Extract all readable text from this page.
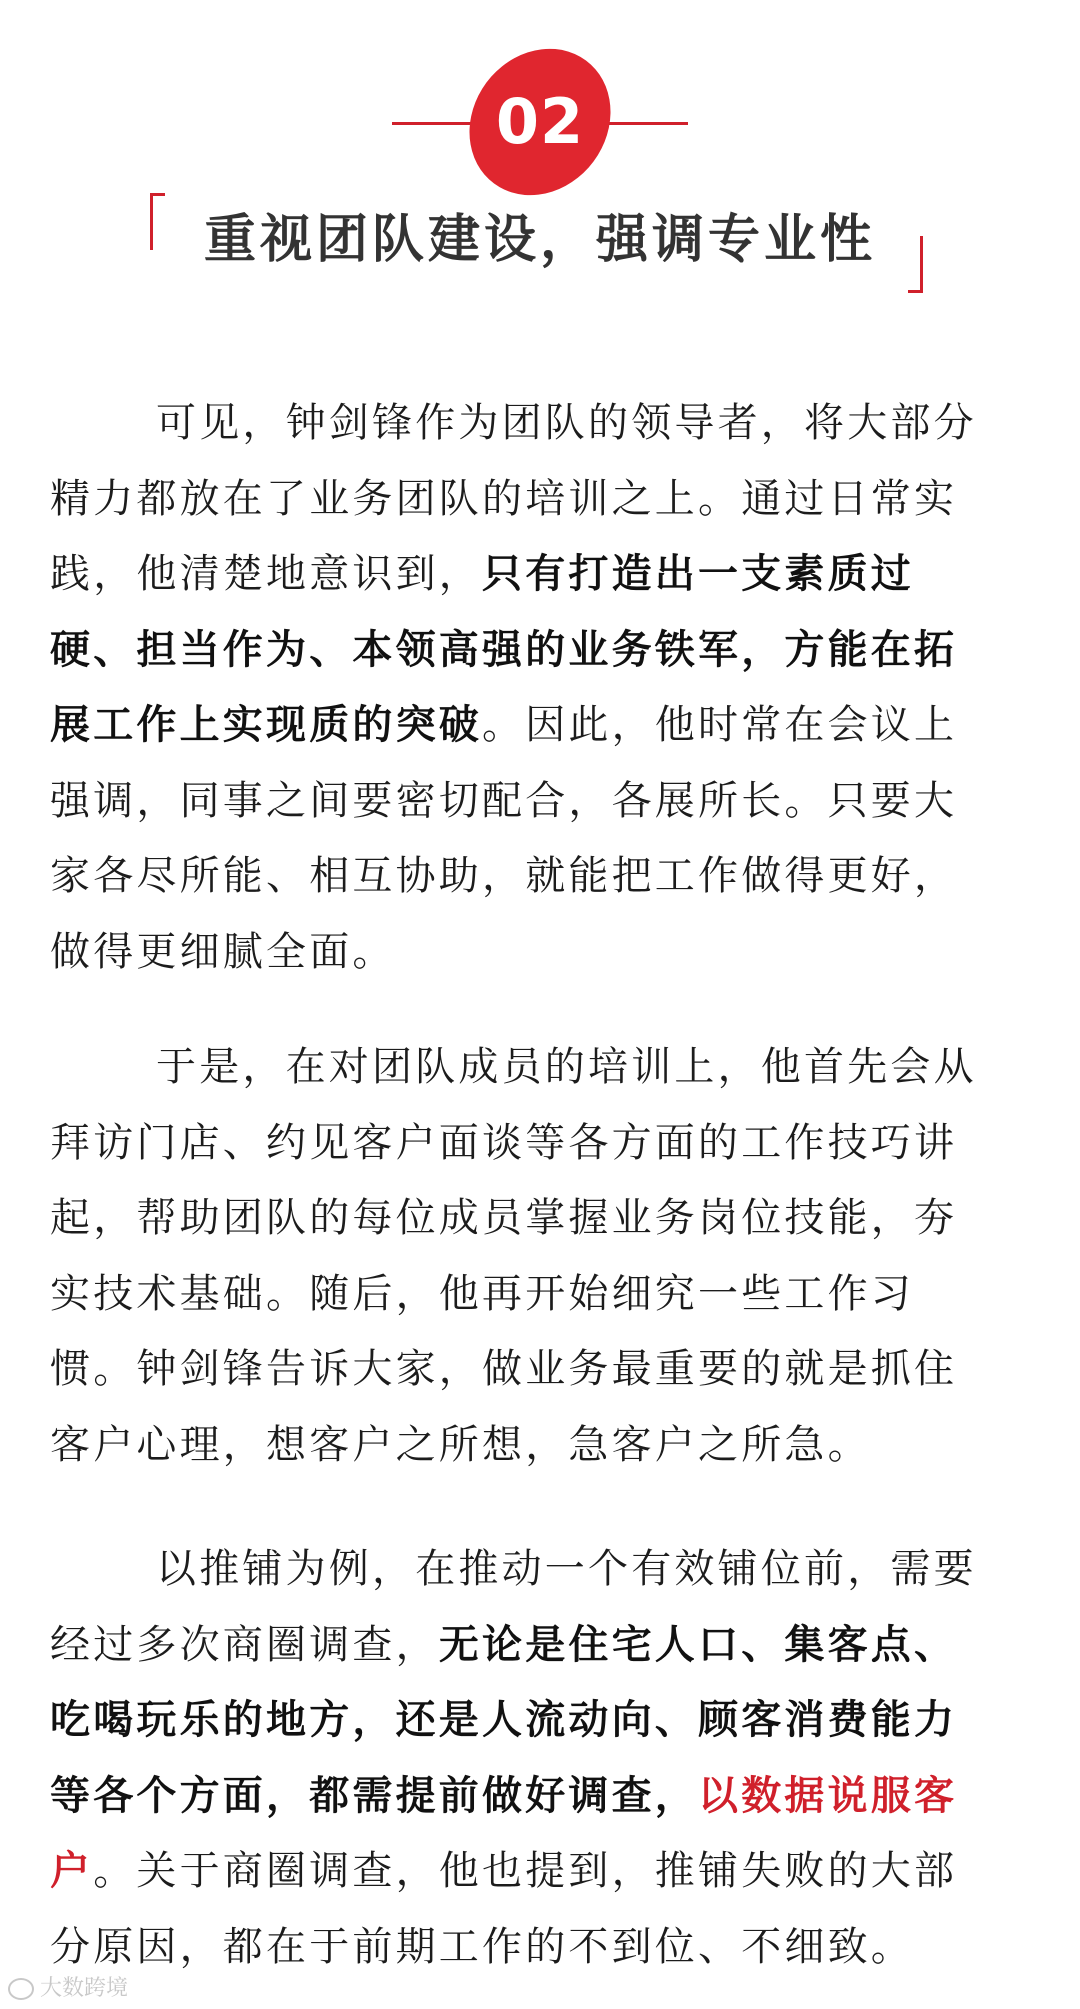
02
重视团队建设，强调专业性
可见，钟剑锋作为团队的领导者，将大部分
精力都放在了业务团队的培训之上。通过日常实
践，他清楚地意识到，只有打造出一支素质过
硬、担当作为、本领高强的业务铁军，方能在拓
展工作上实现质的突破。因此，他时常在会议上
强调，同事之间要密切配合，各展所长。只要大
家各尽所能、相互协助，就能把工作做得更好，
做得更细腻全面。
于是，在对团队成员的培训上，他首先会从
拜访门店、约见客户面谈等各方面的工作技巧讲
起，帮助团队的每位成员掌握业务岗位技能，夯
实技术基础。随后，他再开始细究一些工作习
惯。钟剑锋告诉大家，做业务最重要的就是抓住
客户心理，想客户之所想，急客户之所急。
以推铺为例，在推动一个有效铺位前，需要
经过多次商圈调查，无论是住宅人口、集客点、
吃喝玩乐的地方，还是人流动向、顾客消费能力
等各个方面，都需提前做好调查，以数据说服客
户。关于商圈调查，他也提到，推铺失败的大部
分原因，都在于前期工作的不到位、不细致。
大数跨境
